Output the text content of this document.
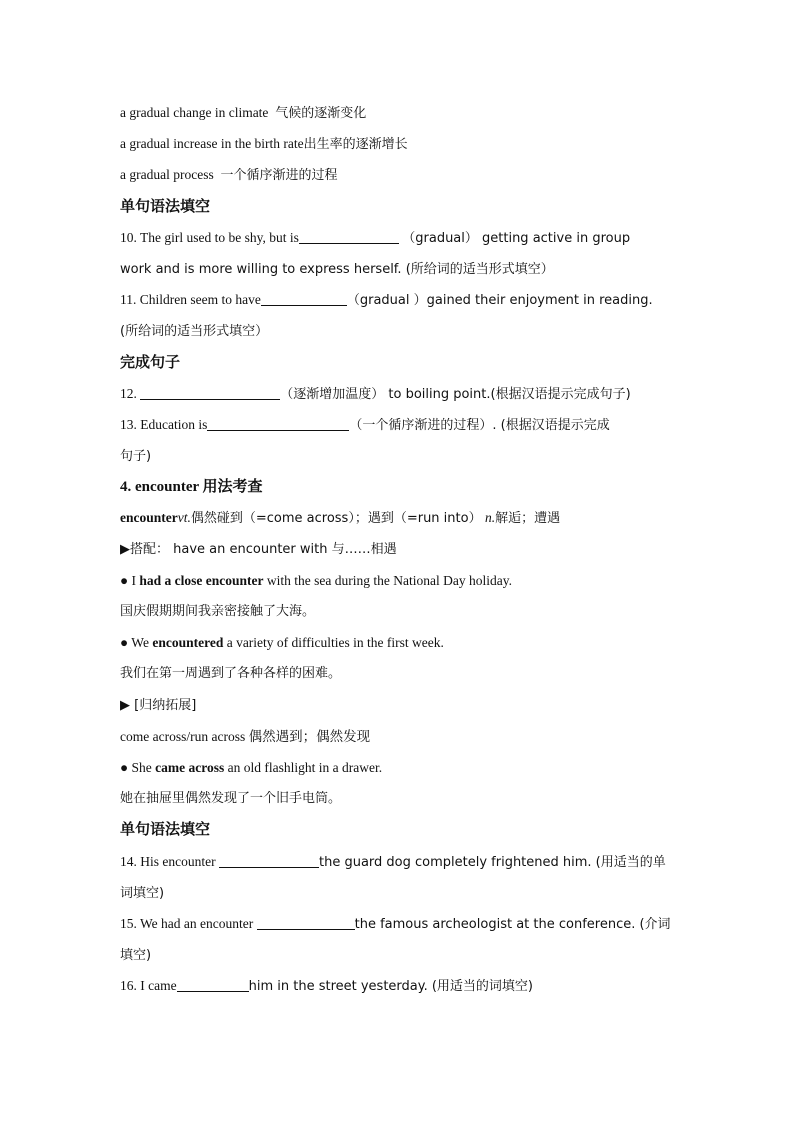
a gradual change in climate 气候的逐渐变化
a gradual increase in the birth rate出生率的逐渐增长
a gradual process 一个循序渐进的过程
单句语法填空
10. The girl used to be shy, but is	（gradual） getting active in group
work and is more willing to express herself. (所给词的适当形式填空）
11. Children seem to have	（gradual ）gained their enjoyment in reading.
(所给词的适当形式填空）
完成句子
12.	（逐渐增加温度） to boiling point.(根据汉语提示完成句子)
13. Education is	（一个循序渐进的过程）. (根据汉语提示完成
句子)
4. encounter 用法考查
encountervt.偶然碰到（=come across）；遇到（=run into） n.解逅；遭遇
▶搭配： have an encounter with 与……相遇
● I had a close encounter with the sea during the National Day holiday.
国庆假期期间我亲密接触了大海。
● We encountered a variety of difficulties in the first week.
我们在第一周遇到了各种各样的困难。
▶ [归纳拓展]
come across/run across 偶然遇到；偶然发现
● She came across an old flashlight in a drawer.
她在抽屉里偶然发现了一个旧手电筒。
单句语法填空
14. His encounter	the guard dog completely frightened him. (用适当的单
词填空)
15. We had an encounter	the famous archeologist at the conference. (介词
填空)
16. I came	him in the street yesterday. (用适当的词填空)
